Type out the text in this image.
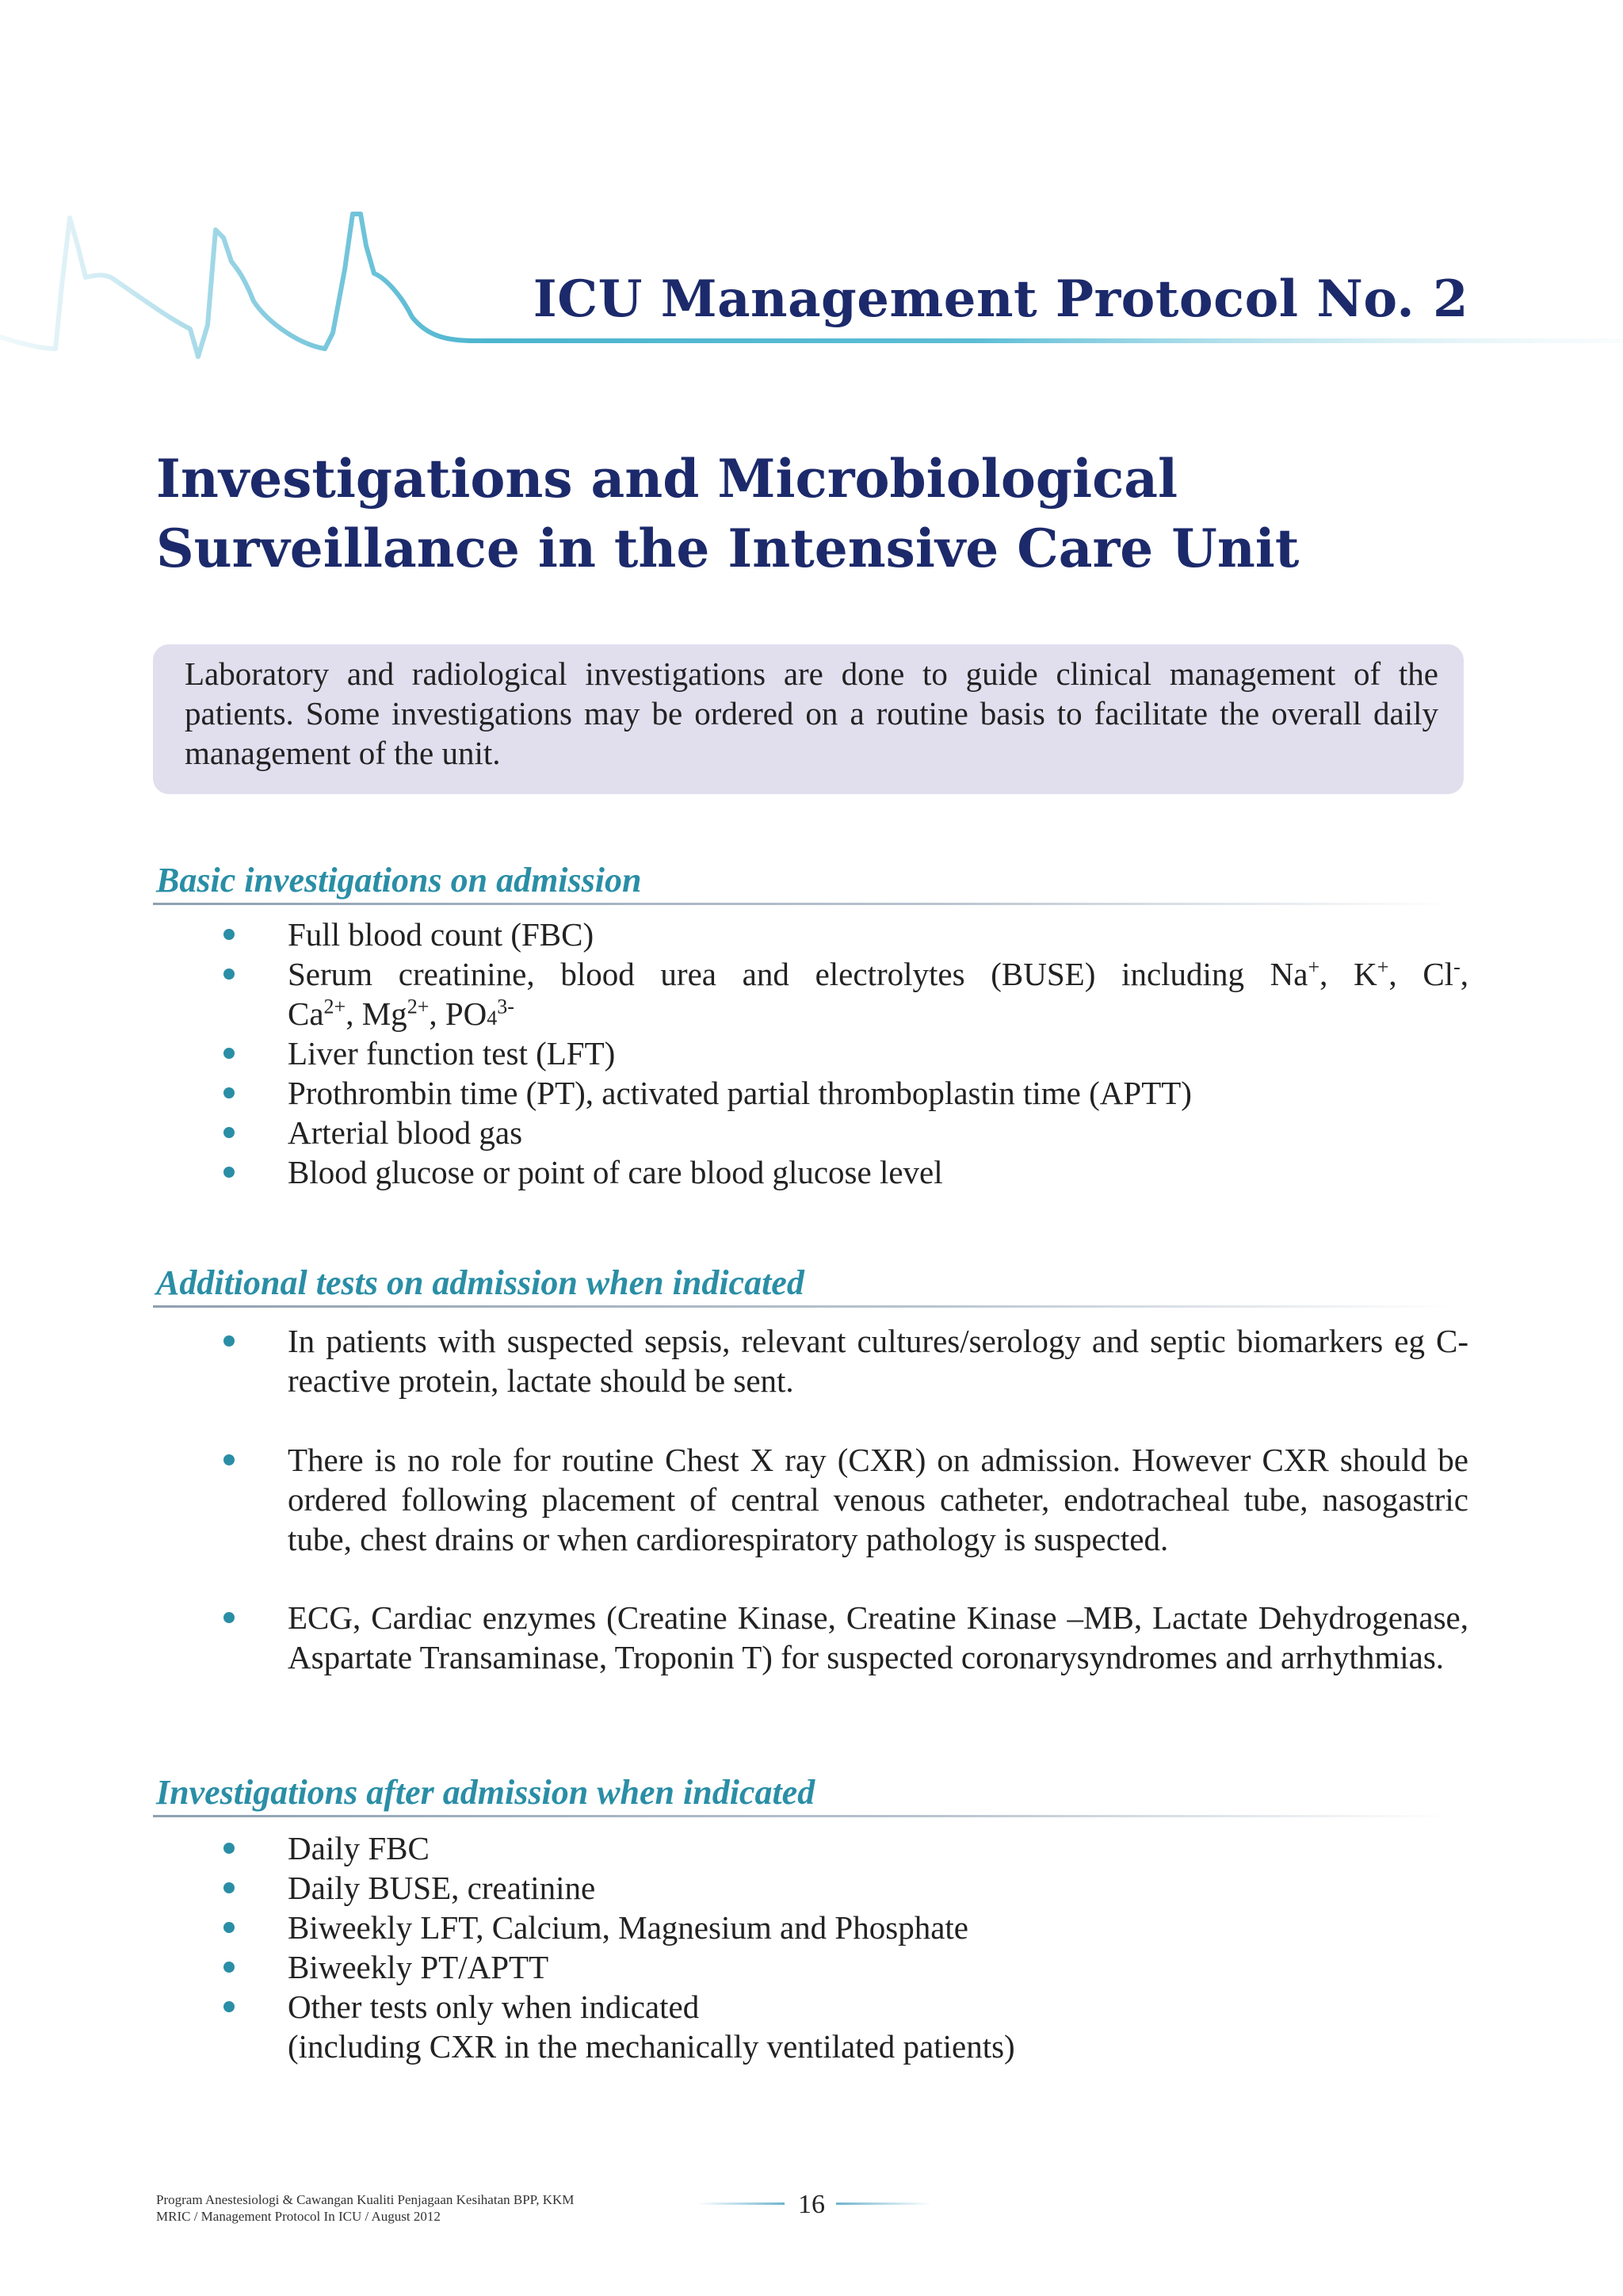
ICU Management Protocol No. 2
Investigations and Microbiological
Surveillance in the Intensive Care Unit
Laboratory and radiological investigations are done to guide clinical management of the patients. Some investigations may be ordered on a routine basis to facilitate the overall daily management of the unit.
Basic investigations on admission
Full blood count (FBC)
Serum creatinine, blood urea and electrolytes (BUSE) including Na+, K+, Cl-,
$Ca^{2+}$, $Mg^{2+}$, $PO4^{3-}$
Liver function test (LFT)
Prothrombin time (PT), activated partial thromboplastin time (APTT)
Arterial blood gas
Blood glucose or point of care blood glucose level
Additional tests on admission when indicated
In patients with suspected sepsis, relevant cultures/serology and septic biomarkers eg C-reactive protein, lactate should be sent.
There is no role for routine Chest X ray (CXR) on admission. However CXR should be ordered following placement of central venous catheter, endotracheal tube, nasogastric tube, chest drains or when cardiorespiratory pathology is suspected.
ECG, Cardiac enzymes (Creatine Kinase, Creatine Kinase –MB, Lactate Dehydrogenase, Aspartate Transaminase, Troponin T) for suspected coronarysyndromes and arrhythmias.
Investigations after admission when indicated
Daily FBC
Daily BUSE, creatinine
Biweekly LFT, Calcium, Magnesium and Phosphate
Biweekly PT/APTT
Other tests only when indicated
(including CXR in the mechanically ventilated patients)
Program Anestesiologi & Cawangan Kualiti Penjagaan Kesihatan BPP, KKM
MRIC / Management Protocol In ICU / August 2012	16
